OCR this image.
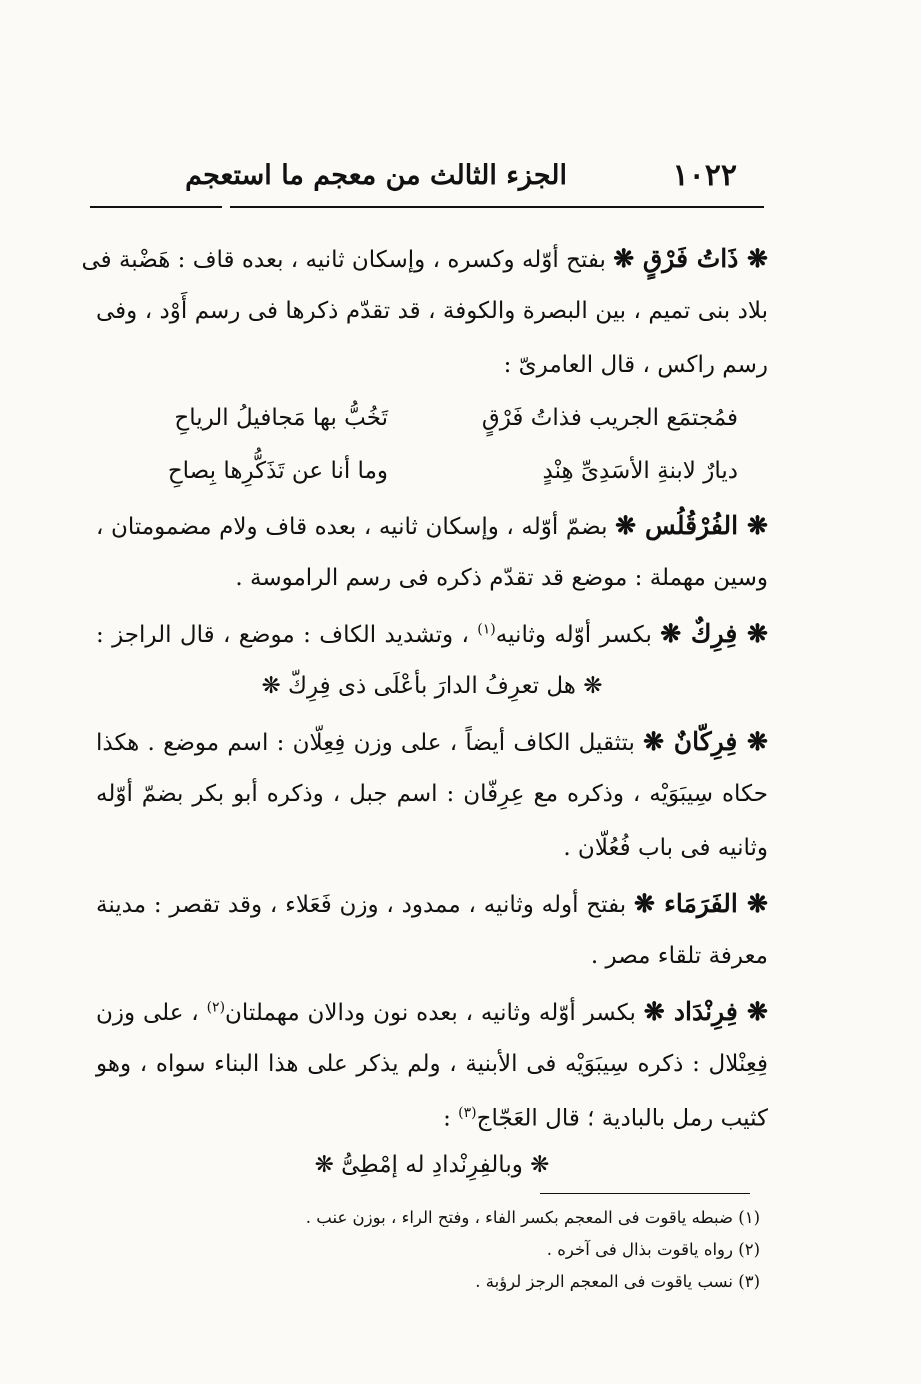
١٠٢٢
الجزء الثالث من معجم ما استعجم
❋ ذَاتُ فَرْقٍ ❋ بفتح أوّله وكسره ، وإسكان ثانيه ، بعده قاف : هَضْبة فى
بلاد بنى تميم ، بين البصرة والكوفة ، قد تقدّم ذكرها فى رسم أَوْد ، وفى
رسم راكس ، قال العامرىّ :
❋ الفُرْقُلُس ❋ بضمّ أوّله ، وإسكان ثانيه ، بعده قاف ولام مضمومتان ،
وسين مهملة : موضع قد تقدّم ذكره فى رسم الراموسة .
❋ فِرِكٌ ❋ بكسر أوّله وثانيه$^{(١)}$ ، وتشديد الكاف : موضع ، قال الراجز :
❋ هل تعرِفُ الدارَ بأعْلَى ذى فِرِكّ ❋
❋ فِرِكّانٌ ❋ بتثقيل الكاف أيضاً ، على وزن فِعِلّان : اسم موضع . هكذا
حكاه سِيبَوَيْه ، وذكره مع عِرِفّان : اسم جبل ، وذكره أبو بكر بضمّ أوّله
وثانيه فى باب فُعُلّان .
❋ الفَرَمَاء ❋ بفتح أوله وثانيه ، ممدود ، وزن فَعَلاء ، وقد تقصر : مدينة
معرفة تلقاء مصر .
❋ فِرِنْدَاد ❋ بكسر أوّله وثانيه ، بعده نون ودالان مهملتان$^{(٢)}$ ، على وزن
فِعِنْلال : ذكره سِيبَوَيْه فى الأبنية ، ولم يذكر على هذا البناء سواه ، وهو
كثيب رمل بالبادية ؛ قال العَجّاج$^{(٣)}$ :
❋ وبالفِرِنْدادِ له إمْطِىُّ ❋
فمُجتمَع الجريب فذاتُ فَرْقٍ
تَخُبُّ بها مَجافيلُ الرياحِ
ديارٌ لابنةِ الأسَدِىِّ هِنْدٍ
وما أنا عن تَذَكُّرِها بِصاحِ
(١) ضبطه ياقوت فى المعجم بكسر الفاء ، وفتح الراء ، بوزن عنب .
(٢) رواه ياقوت بذال فى آخره .
(٣) نسب ياقوت فى المعجم الرجز لرؤبة .
